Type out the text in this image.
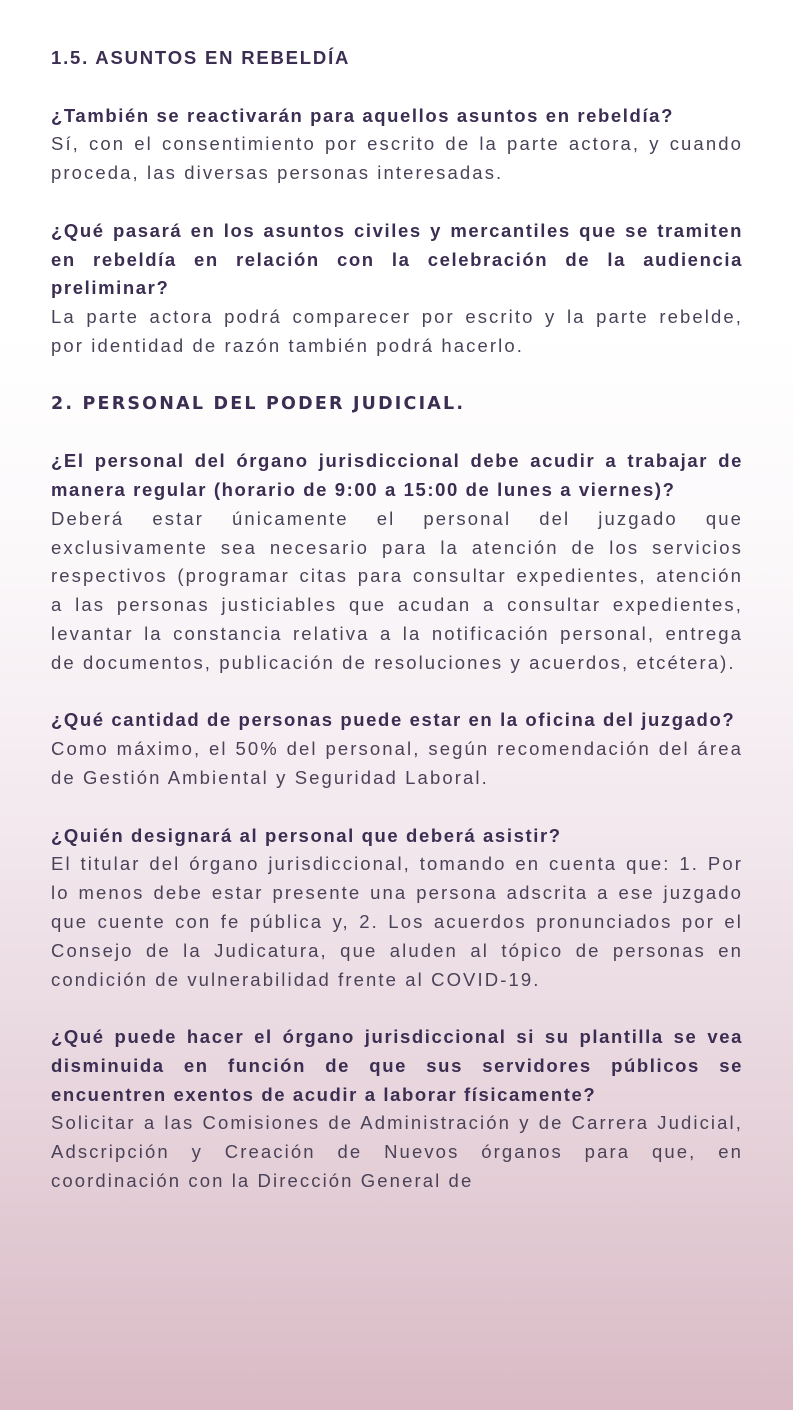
1.5. ASUNTOS EN REBELDÍA

¿También se reactivarán para aquellos asuntos en rebeldía?

Sí, con el consentimiento por escrito de la parte actora, y cuando proceda, las diversas personas interesadas.

¿Qué pasará en los asuntos civiles y mercantiles que se tramiten en rebeldía en relación con la celebración de la audiencia preliminar?

La parte actora podrá comparecer por escrito y la parte rebelde, por identidad de razón también podrá hacerlo.

2. PERSONAL DEL PODER JUDICIAL.

¿El personal del órgano jurisdiccional debe acudir a trabajar de manera regular (horario de 9:00 a 15:00 de lunes a viernes)?

Deberá estar únicamente el personal del juzgado que exclusivamente sea necesario para la atención de los servicios respectivos (programar citas para consultar expedientes, atención a las personas justiciables que acudan a consultar expedientes, levantar la constancia relativa a la notificación personal, entrega de documentos, publicación de resoluciones y acuerdos, etcétera).

¿Qué cantidad de personas puede estar en la oficina del juzgado?

Como máximo, el 50% del personal, según recomendación del área de Gestión Ambiental y Seguridad Laboral.

¿Quién designará al personal que deberá asistir?

El titular del órgano jurisdiccional, tomando en cuenta que: 1. Por lo menos debe estar presente una persona adscrita a ese juzgado que cuente con fe pública y, 2. Los acuerdos pronunciados por el Consejo de la Judicatura, que aluden al tópico de personas en condición de vulnerabilidad frente al COVID-19.

¿Qué puede hacer el órgano jurisdiccional si su plantilla se vea disminuida en función de que sus servidores públicos se encuentren exentos de acudir a laborar físicamente?

Solicitar a las Comisiones de Administración y de Carrera Judicial, Adscripción y Creación de Nuevos órganos para que, en coordinación con la Dirección General de
